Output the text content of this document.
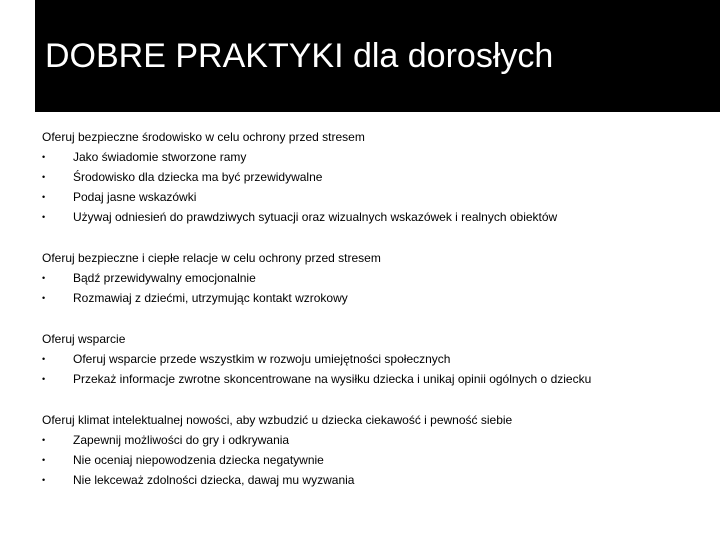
DOBRE PRAKTYKI dla dorosłych
Oferuj bezpieczne środowisko w celu ochrony przed stresem
• Jako świadomie stworzone ramy
• Środowisko dla dziecka ma być przewidywalne
• Podaj jasne wskazówki
• Używaj odniesień do prawdziwych sytuacji oraz wizualnych wskazówek i realnych obiektów
Oferuj bezpieczne i ciepłe relacje w celu ochrony przed stresem
• Bądź przewidywalny emocjonalnie
• Rozmawiaj z dziećmi, utrzymując kontakt wzrokowy
Oferuj wsparcie
• Oferuj wsparcie przede wszystkim w rozwoju umiejętności społecznych
• Przekaż informacje zwrotne skoncentrowane na wysiłku dziecka i unikaj opinii ogólnych o dziecku
Oferuj klimat intelektualnej nowości, aby wzbudzić u dziecka ciekawość i pewność siebie
• Zapewnij możliwości do gry i odkrywania
• Nie oceniaj niepowodzenia dziecka negatywnie
• Nie lekceważ zdolności dziecka, dawaj mu wyzwania
